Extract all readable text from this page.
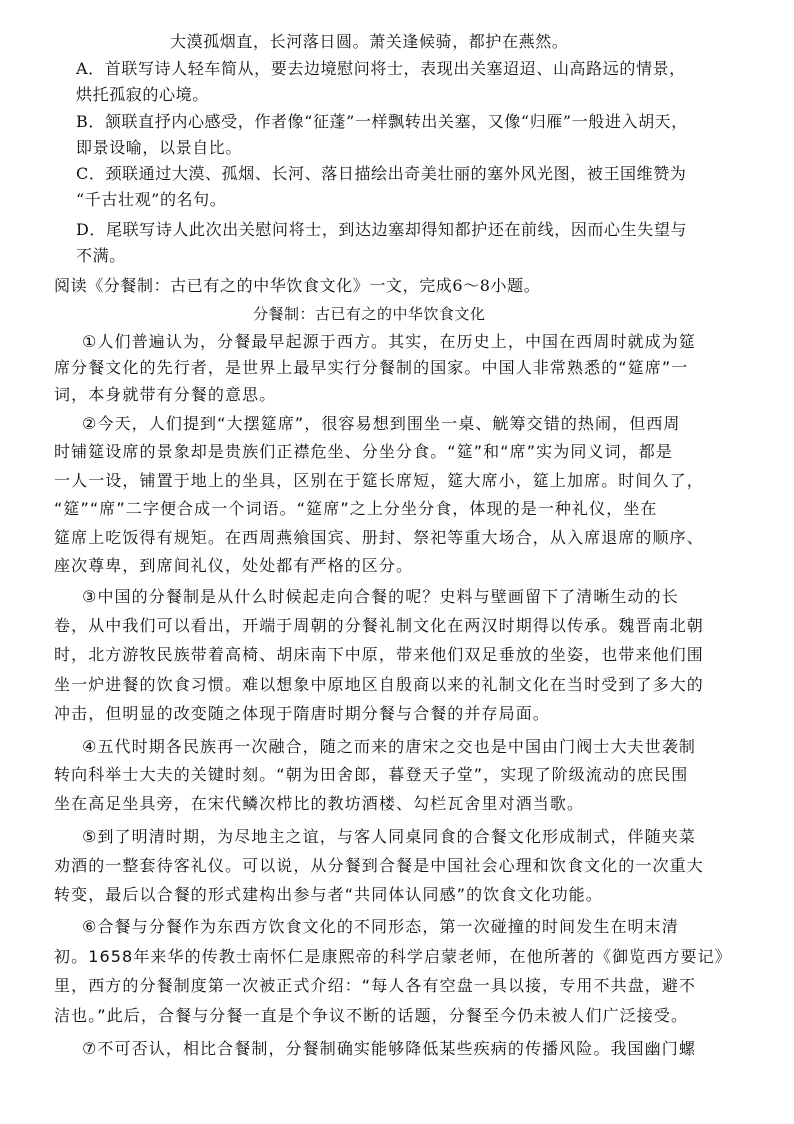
大漠孤烟直，长河落日圆。萧关逢候骑，都护在燕然。
A．首联写诗人轻车简从，要去边境慰问将士，表现出关塞迢迢、山高路远的情景，
烘托孤寂的心境。
B．颔联直抒内心感受，作者像“征蓬”一样飘转出关塞，又像“归雁”一般进入胡天，
即景设喻，以景自比。
C．颈联通过大漠、孤烟、长河、落日描绘出奇美壮丽的塞外风光图，被王国维赞为
“千古壮观”的名句。
D．尾联写诗人此次出关慰问将士，到达边塞却得知都护还在前线，因而心生失望与
不满。
阅读《分餐制：古已有之的中华饮食文化》一文，完成6～8小题。
分餐制：古已有之的中华饮食文化
①人们普遍认为，分餐最早起源于西方。其实，在历史上，中国在西周时就成为筵
席分餐文化的先行者，是世界上最早实行分餐制的国家。中国人非常熟悉的“筵席”一
词，本身就带有分餐的意思。
②今天，人们提到“大摆筵席”，很容易想到围坐一桌、觥筹交错的热闹，但西周
时铺筵设席的景象却是贵族们正襟危坐、分坐分食。“筵”和“席”实为同义词，都是
一人一设，铺置于地上的坐具，区别在于筵长席短，筵大席小，筵上加席。时间久了，
“筵”“席”二字便合成一个词语。“筵席”之上分坐分食，体现的是一种礼仪，坐在
筵席上吃饭得有规矩。在西周燕飨国宾、册封、祭祀等重大场合，从入席退席的顺序、
座次尊卑，到席间礼仪，处处都有严格的区分。
③中国的分餐制是从什么时候起走向合餐的呢？史料与壁画留下了清晰生动的长
卷，从中我们可以看出，开端于周朝的分餐礼制文化在两汉时期得以传承。魏晋南北朝
时，北方游牧民族带着高椅、胡床南下中原，带来他们双足垂放的坐姿，也带来他们围
坐一炉进餐的饮食习惯。难以想象中原地区自殷商以来的礼制文化在当时受到了多大的
冲击，但明显的改变随之体现于隋唐时期分餐与合餐的并存局面。
④五代时期各民族再一次融合，随之而来的唐宋之交也是中国由门阀士大夫世袭制
转向科举士大夫的关键时刻。“朝为田舍郎，暮登天子堂”，实现了阶级流动的庶民围
坐在高足坐具旁，在宋代鳞次栉比的教坊酒楼、勾栏瓦舍里对酒当歌。
⑤到了明清时期，为尽地主之谊，与客人同桌同食的合餐文化形成制式，伴随夹菜
劝酒的一整套待客礼仪。可以说，从分餐到合餐是中国社会心理和饮食文化的一次重大
转变，最后以合餐的形式建构出参与者“共同体认同感”的饮食文化功能。
⑥合餐与分餐作为东西方饮食文化的不同形态，第一次碰撞的时间发生在明末清
初。1658年来华的传教士南怀仁是康熙帝的科学启蒙老师，在他所著的《御览西方要记》
里，西方的分餐制度第一次被正式介绍：“每人各有空盘一具以接，专用不共盘，避不
洁也。”此后，合餐与分餐一直是个争议不断的话题，分餐至今仍未被人们广泛接受。
⑦不可否认，相比合餐制，分餐制确实能够降低某些疾病的传播风险。我国幽门螺
